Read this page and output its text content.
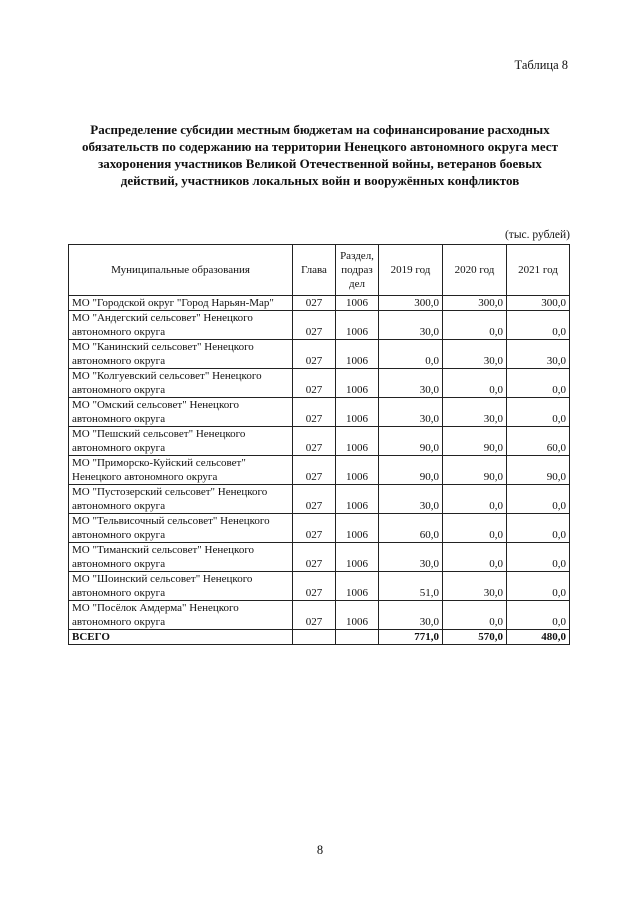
Таблица 8
Распределение субсидии местным бюджетам на софинансирование расходных обязательств по содержанию на территории Ненецкого автономного округа мест захоронения участников Великой Отечественной войны, ветеранов боевых действий, участников локальных войн и вооружённых конфликтов
(тыс. рублей)
Муниципальные образования	Глава	Раздел, подраз дел	2019 год	2020 год	2021 год
МО "Городской округ "Город Нарьян-Мар"	027	1006	300,0	300,0	300,0
МО "Андегский сельсовет" Ненецкого автономного округа	027	1006	30,0	0,0	0,0
МО "Канинский сельсовет" Ненецкого автономного округа	027	1006	0,0	30,0	30,0
МО "Колгуевский сельсовет" Ненецкого автономного округа	027	1006	30,0	0,0	0,0
МО "Омский сельсовет" Ненецкого автономного округа	027	1006	30,0	30,0	0,0
МО "Пешский сельсовет" Ненецкого автономного округа	027	1006	90,0	90,0	60,0
МО "Приморско-Куйский сельсовет" Ненецкого автономного округа	027	1006	90,0	90,0	90,0
МО "Пустозерский сельсовет" Ненецкого автономного округа	027	1006	30,0	0,0	0,0
МО "Тельвисочный сельсовет" Ненецкого автономного округа	027	1006	60,0	0,0	0,0
МО "Тиманский сельсовет" Ненецкого автономного округа	027	1006	30,0	0,0	0,0
МО "Шоинский сельсовет" Ненецкого автономного округа	027	1006	51,0	30,0	0,0
МО "Посёлок Амдерма" Ненецкого автономного округа	027	1006	30,0	0,0	0,0
ВСЕГО			771,0	570,0	480,0
8
